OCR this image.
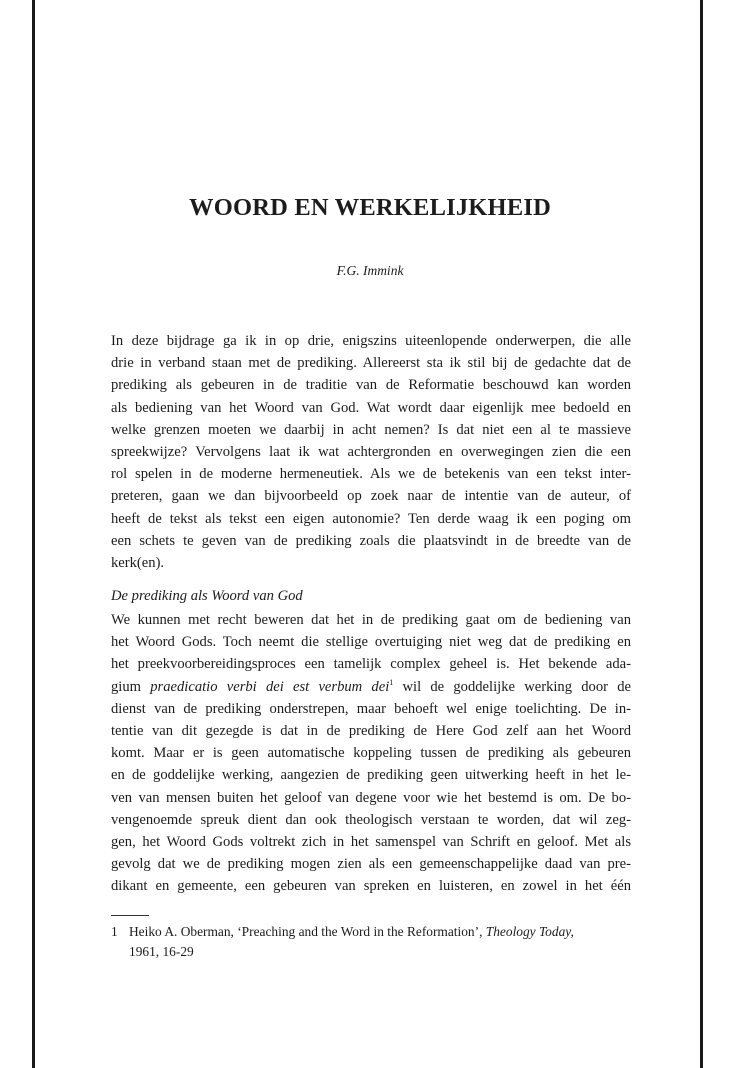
WOORD EN WERKELIJKHEID

F.G. Immink

In deze bijdrage ga ik in op drie, enigszins uiteenlopende onderwerpen, die alle
drie in verband staan met de prediking. Allereerst sta ik stil bij de gedachte dat de
prediking als gebeuren in de traditie van de Reformatie beschouwd kan worden
als bediening van het Woord van God. Wat wordt daar eigenlijk mee bedoeld en
welke grenzen moeten we daarbij in acht nemen? Is dat niet een al te massieve
spreekwijze? Vervolgens laat ik wat achtergronden en overwegingen zien die een
rol spelen in de moderne hermeneutiek. Als we de betekenis van een tekst inter-
preteren, gaan we dan bijvoorbeeld op zoek naar de intentie van de auteur, of
heeft de tekst als tekst een eigen autonomie? Ten derde waag ik een poging om
een schets te geven van de prediking zoals die plaatsvindt in de breedte van de
kerk(en).

De prediking als Woord van God

We kunnen met recht beweren dat het in de prediking gaat om de bediening van
het Woord Gods. Toch neemt die stellige overtuiging niet weg dat de prediking en
het preekvoorbereidingsproces een tamelijk complex geheel is. Het bekende ada-
gium praedicatio verbi dei est verbum dei$^1$ wil de goddelijke werking door de
dienst van de prediking onderstrepen, maar behoeft wel enige toelichting. De in-
tentie van dit gezegde is dat in de prediking de Here God zelf aan het Woord
komt. Maar er is geen automatische koppeling tussen de prediking als gebeuren
en de goddelijke werking, aangezien de prediking geen uitwerking heeft in het le-
ven van mensen buiten het geloof van degene voor wie het bestemd is om. De bo-
vengenoemde spreuk dient dan ook theologisch verstaan te worden, dat wil zeg-
gen, het Woord Gods voltrekt zich in het samenspel van Schrift en geloof. Met als
gevolg dat we de prediking mogen zien als een gemeenschappelijke daad van pre-
dikant en gemeente, een gebeuren van spreken en luisteren, en zowel in het één
1 Heiko A. Oberman, ‘Preaching and the Word in the Reformation’, Theology Today,
1961, 16-29
